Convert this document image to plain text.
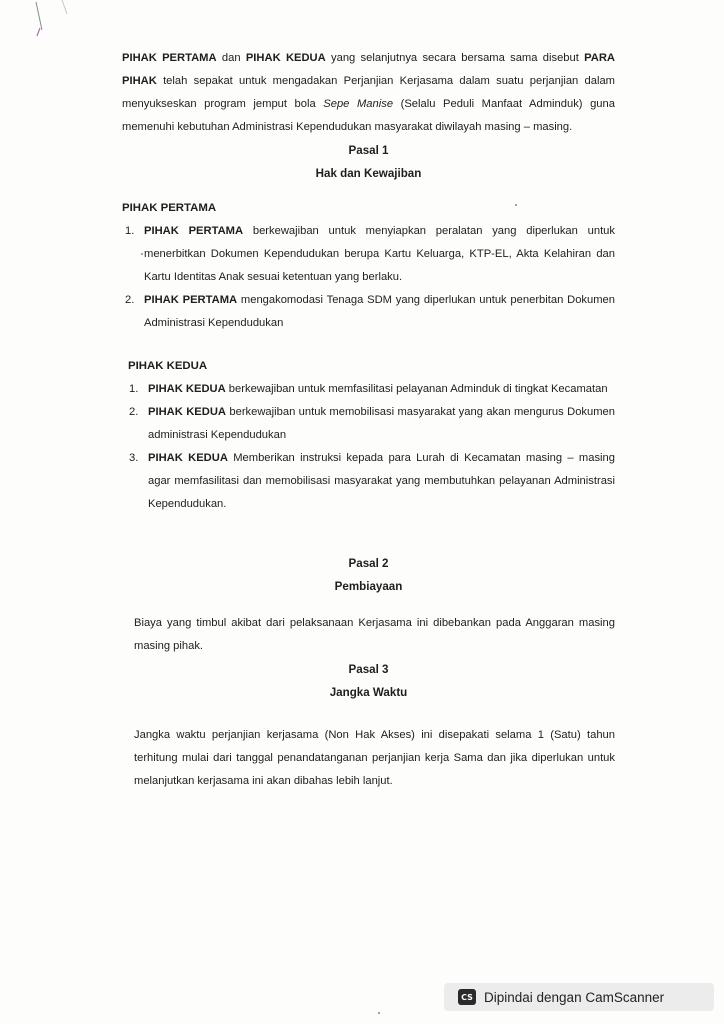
PIHAK PERTAMA dan PIHAK KEDUA yang selanjutnya secara bersama sama disebut PARA PIHAK telah sepakat untuk mengadakan Perjanjian Kerjasama dalam suatu perjanjian dalam menyukseskan program jemput bola Sepe Manise (Selalu Peduli Manfaat Adminduk) guna memenuhi kebutuhan Administrasi Kependudukan masyarakat diwilayah masing – masing.

Pasal 1

Hak dan Kewajiban

PIHAK PERTAMA

1. PIHAK PERTAMA berkewajiban untuk menyiapkan peralatan yang diperlukan untuk menerbitkan Dokumen Kependudukan berupa Kartu Keluarga, KTP-EL, Akta Kelahiran dan Kartu Identitas Anak sesuai ketentuan yang berlaku.
2. PIHAK PERTAMA mengakomodasi Tenaga SDM yang diperlukan untuk penerbitan Dokumen Administrasi Kependudukan

PIHAK KEDUA

1. PIHAK KEDUA berkewajiban untuk memfasilitasi pelayanan Adminduk di tingkat Kecamatan
2. PIHAK KEDUA berkewajiban untuk memobilisasi masyarakat yang akan mengurus Dokumen administrasi Kependudukan
3. PIHAK KEDUA Memberikan instruksi kepada para Lurah di Kecamatan masing – masing agar memfasilitasi dan memobilisasi masyarakat yang membutuhkan pelayanan Administrasi Kependudukan.

Pasal 2

Pembiayaan

Biaya yang timbul akibat dari pelaksanaan Kerjasama ini dibebankan pada Anggaran masing masing pihak.

Pasal 3

Jangka Waktu

Jangka waktu perjanjian kerjasama (Non Hak Akses) ini disepakati selama 1 (Satu) tahun terhitung mulai dari tanggal penandatanganan perjanjian kerja Sama dan jika diperlukan untuk melanjutkan kerjasama ini akan dibahas lebih lanjut.

CS Dipindai dengan CamScanner
